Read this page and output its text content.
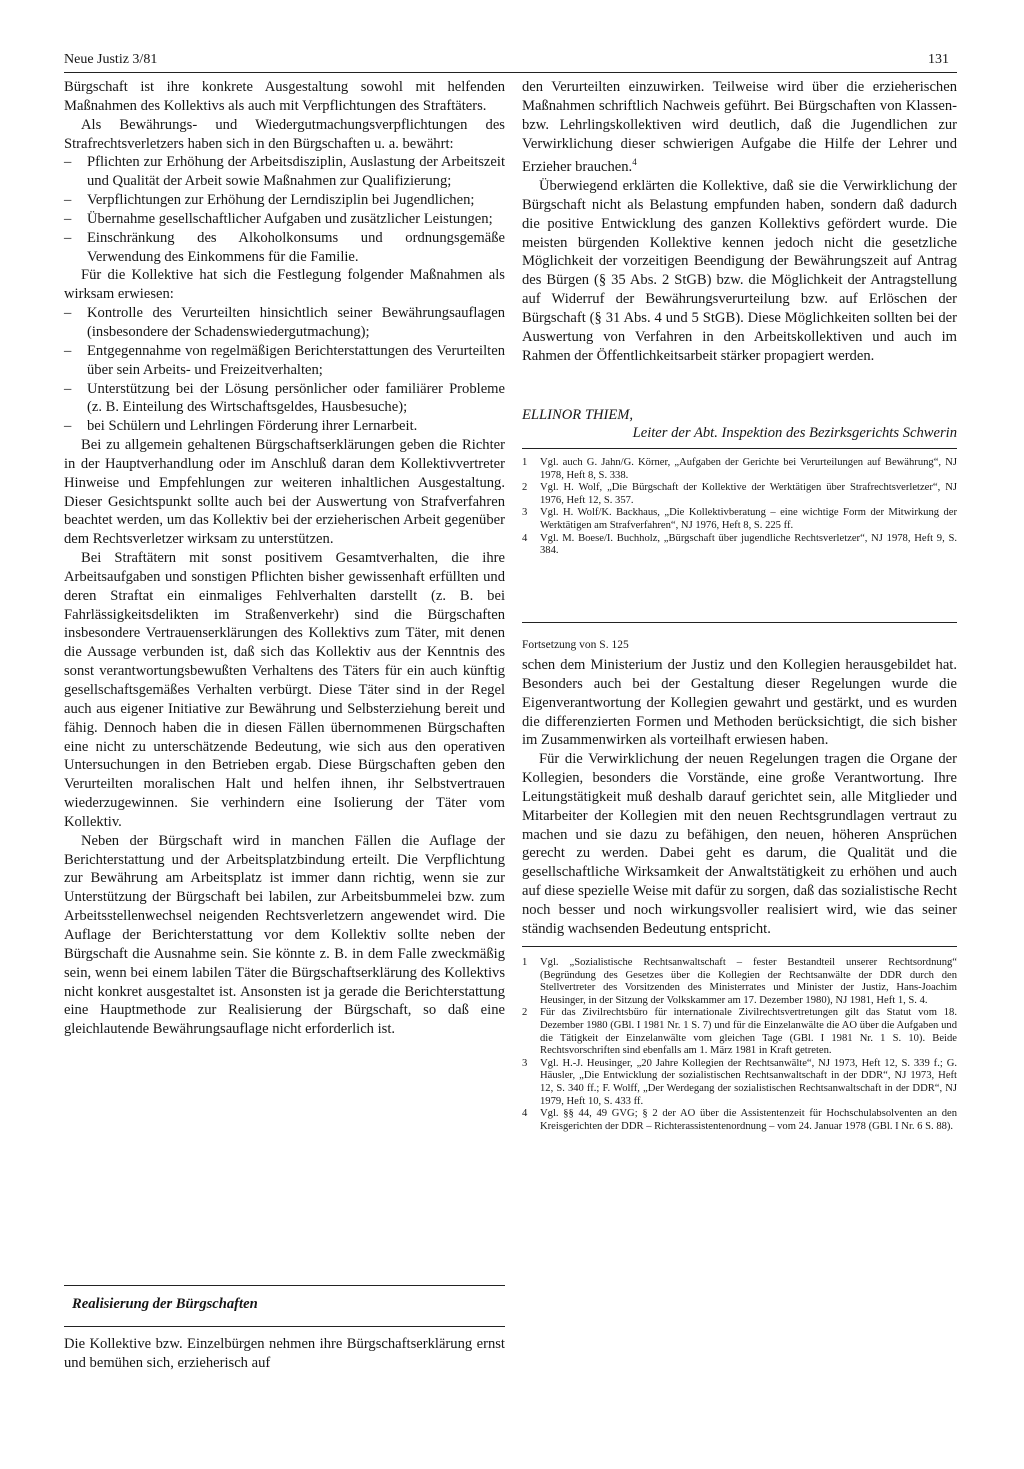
Neue Justiz 3/81	131

Bürgschaft ist ihre konkrete Ausgestaltung sowohl mit helfenden Maßnahmen des Kollektivs als auch mit Verpflichtungen des Straftäters.

Als Bewährungs- und Wiedergutmachungsverpflichtungen des Strafrechtsverletzers haben sich in den Bürgschaften u. a. bewährt:

–	Pflichten zur Erhöhung der Arbeitsdisziplin, Auslastung der Arbeitszeit und Qualität der Arbeit sowie Maßnahmen zur Qualifizierung;
–	Verpflichtungen zur Erhöhung der Lerndisziplin bei Jugendlichen;
–	Übernahme gesellschaftlicher Aufgaben und zusätzlicher Leistungen;
–	Einschränkung des Alkoholkonsums und ordnungsgemäße Verwendung des Einkommens für die Familie.

Für die Kollektive hat sich die Festlegung folgender Maßnahmen als wirksam erwiesen:

–	Kontrolle des Verurteilten hinsichtlich seiner Bewährungsauflagen (insbesondere der Schadenswiedergutmachung);
–	Entgegennahme von regelmäßigen Berichterstattungen des Verurteilten über sein Arbeits- und Freizeitverhalten;
–	Unterstützung bei der Lösung persönlicher oder familiärer Probleme (z. B. Einteilung des Wirtschaftsgeldes, Hausbesuche);
–	bei Schülern und Lehrlingen Förderung ihrer Lernarbeit.

Bei zu allgemein gehaltenen Bürgschaftserklärungen geben die Richter in der Hauptverhandlung oder im Anschluß daran dem Kollektivvertreter Hinweise und Empfehlungen zur weiteren inhaltlichen Ausgestaltung. Dieser Gesichtspunkt sollte auch bei der Auswertung von Strafverfahren beachtet werden, um das Kollektiv bei der erzieherischen Arbeit gegenüber dem Rechtsverletzer wirksam zu unterstützen.

Bei Straftätern mit sonst positivem Gesamtverhalten, die ihre Arbeitsaufgaben und sonstigen Pflichten bisher gewissenhaft erfüllten und deren Straftat ein einmaliges Fehlverhalten darstellt (z. B. bei Fahrlässigkeitsdelikten im Straßenverkehr) sind die Bürgschaften insbesondere Vertrauenserklärungen des Kollektivs zum Täter, mit denen die Aussage verbunden ist, daß sich das Kollektiv aus der Kenntnis des sonst verantwortungsbewußten Verhaltens des Täters für ein auch künftig gesellschaftsgemäßes Verhalten verbürgt. Diese Täter sind in der Regel auch aus eigener Initiative zur Bewährung und Selbsterziehung bereit und fähig. Dennoch haben die in diesen Fällen übernommenen Bürgschaften eine nicht zu unterschätzende Bedeutung, wie sich aus den operativen Untersuchungen in den Betrieben ergab. Diese Bürgschaften geben den Verurteilten moralischen Halt und helfen ihnen, ihr Selbstvertrauen wiederzugewinnen. Sie verhindern eine Isolierung der Täter vom Kollektiv.

Neben der Bürgschaft wird in manchen Fällen die Auflage der Berichterstattung und der Arbeitsplatzbindung erteilt. Die Verpflichtung zur Bewährung am Arbeitsplatz ist immer dann richtig, wenn sie zur Unterstützung der Bürgschaft bei labilen, zur Arbeitsbummelei bzw. zum Arbeitsstellenwechsel neigenden Rechtsverletzern angewendet wird. Die Auflage der Berichterstattung vor dem Kollektiv sollte neben der Bürgschaft die Ausnahme sein. Sie könnte z. B. in dem Falle zweckmäßig sein, wenn bei einem labilen Täter die Bürgschaftserklärung des Kollektivs nicht konkret ausgestaltet ist. Ansonsten ist ja gerade die Berichterstattung eine Hauptmethode zur Realisierung der Bürgschaft, so daß eine gleichlautende Bewährungsauflage nicht erforderlich ist.

Realisierung der Bürgschaften

Die Kollektive bzw. Einzelbürgen nehmen ihre Bürgschaftserklärung ernst und bemühen sich, erzieherisch auf

den Verurteilten einzuwirken. Teilweise wird über die erzieherischen Maßnahmen schriftlich Nachweis geführt. Bei Bürgschaften von Klassen- bzw. Lehrlingskollektiven wird deutlich, daß die Jugendlichen zur Verwirklichung dieser schwierigen Aufgabe die Hilfe der Lehrer und Erzieher brauchen.$^4$

Überwiegend erklärten die Kollektive, daß sie die Verwirklichung der Bürgschaft nicht als Belastung empfunden haben, sondern daß dadurch die positive Entwicklung des ganzen Kollektivs gefördert wurde. Die meisten bürgenden Kollektive kennen jedoch nicht die gesetzliche Möglichkeit der vorzeitigen Beendigung der Bewährungszeit auf Antrag des Bürgen (§ 35 Abs. 2 StGB) bzw. die Möglichkeit der Antragstellung auf Widerruf der Bewährungsverurteilung bzw. auf Erlöschen der Bürgschaft (§ 31 Abs. 4 und 5 StGB). Diese Möglichkeiten sollten bei der Auswertung von Verfahren in den Arbeitskollektiven und auch im Rahmen der Öffentlichkeitsarbeit stärker propagiert werden.

ELLINOR THIEM,
Leiter der Abt. Inspektion des Bezirksgerichts Schwerin
1	Vgl. auch G. Jahn/G. Körner, „Aufgaben der Gerichte bei Verurteilungen auf Bewährung“, NJ 1978, Heft 8, S. 338.
2	Vgl. H. Wolf, „Die Bürgschaft der Kollektive der Werktätigen über Strafrechtsverletzer“, NJ 1976, Heft 12, S. 357.
3	Vgl. H. Wolf/K. Backhaus, „Die Kollektivberatung – eine wichtige Form der Mitwirkung der Werktätigen am Strafverfahren“, NJ 1976, Heft 8, S. 225 ff.
4	Vgl. M. Boese/I. Buchholz, „Bürgschaft über jugendliche Rechtsverletzer“, NJ 1978, Heft 9, S. 384.
Fortsetzung von S. 125

schen dem Ministerium der Justiz und den Kollegien herausgebildet hat. Besonders auch bei der Gestaltung dieser Regelungen wurde die Eigenverantwortung der Kollegien gewahrt und gestärkt, und es wurden die differenzierten Formen und Methoden berücksichtigt, die sich bisher im Zusammenwirken als vorteilhaft erwiesen haben.

Für die Verwirklichung der neuen Regelungen tragen die Organe der Kollegien, besonders die Vorstände, eine große Verantwortung. Ihre Leitungstätigkeit muß deshalb darauf gerichtet sein, alle Mitglieder und Mitarbeiter der Kollegien mit den neuen Rechtsgrundlagen vertraut zu machen und sie dazu zu befähigen, den neuen, höheren Ansprüchen gerecht zu werden. Dabei geht es darum, die Qualität und die gesellschaftliche Wirksamkeit der Anwaltstätigkeit zu erhöhen und auch auf diese spezielle Weise mit dafür zu sorgen, daß das sozialistische Recht noch besser und noch wirkungsvoller realisiert wird, wie das seiner ständig wachsenden Bedeutung entspricht.

1	Vgl. „Sozialistische Rechtsanwaltschaft – fester Bestandteil unserer Rechtsordnung“ (Begründung des Gesetzes über die Kollegien der Rechtsanwälte der DDR durch den Stellvertreter des Vorsitzenden des Ministerrates und Minister der Justiz, Hans-Joachim Heusinger, in der Sitzung der Volkskammer am 17. Dezember 1980), NJ 1981, Heft 1, S. 4.
2	Für das Zivilrechtsbüro für internationale Zivilrechtsvertretungen gilt das Statut vom 18. Dezember 1980 (GBl. I 1981 Nr. 1 S. 7) und für die Einzelanwälte die AO über die Aufgaben und die Tätigkeit der Einzelanwälte vom gleichen Tage (GBl. I 1981 Nr. 1 S. 10). Beide Rechtsvorschriften sind ebenfalls am 1. März 1981 in Kraft getreten.
3	Vgl. H.-J. Heusinger, „20 Jahre Kollegien der Rechtsanwälte“, NJ 1973, Heft 12, S. 339 f.; G. Häusler, „Die Entwicklung der sozialistischen Rechtsanwaltschaft in der DDR“, NJ 1973, Heft 12, S. 340 ff.; F. Wolff, „Der Werdegang der sozialistischen Rechtsanwaltschaft in der DDR“, NJ 1979, Heft 10, S. 433 ff.
4	Vgl. §§ 44, 49 GVG; § 2 der AO über die Assistentenzeit für Hochschulabsolventen an den Kreisgerichten der DDR – Richterassistentenordnung – vom 24. Januar 1978 (GBl. I Nr. 6 S. 88).
